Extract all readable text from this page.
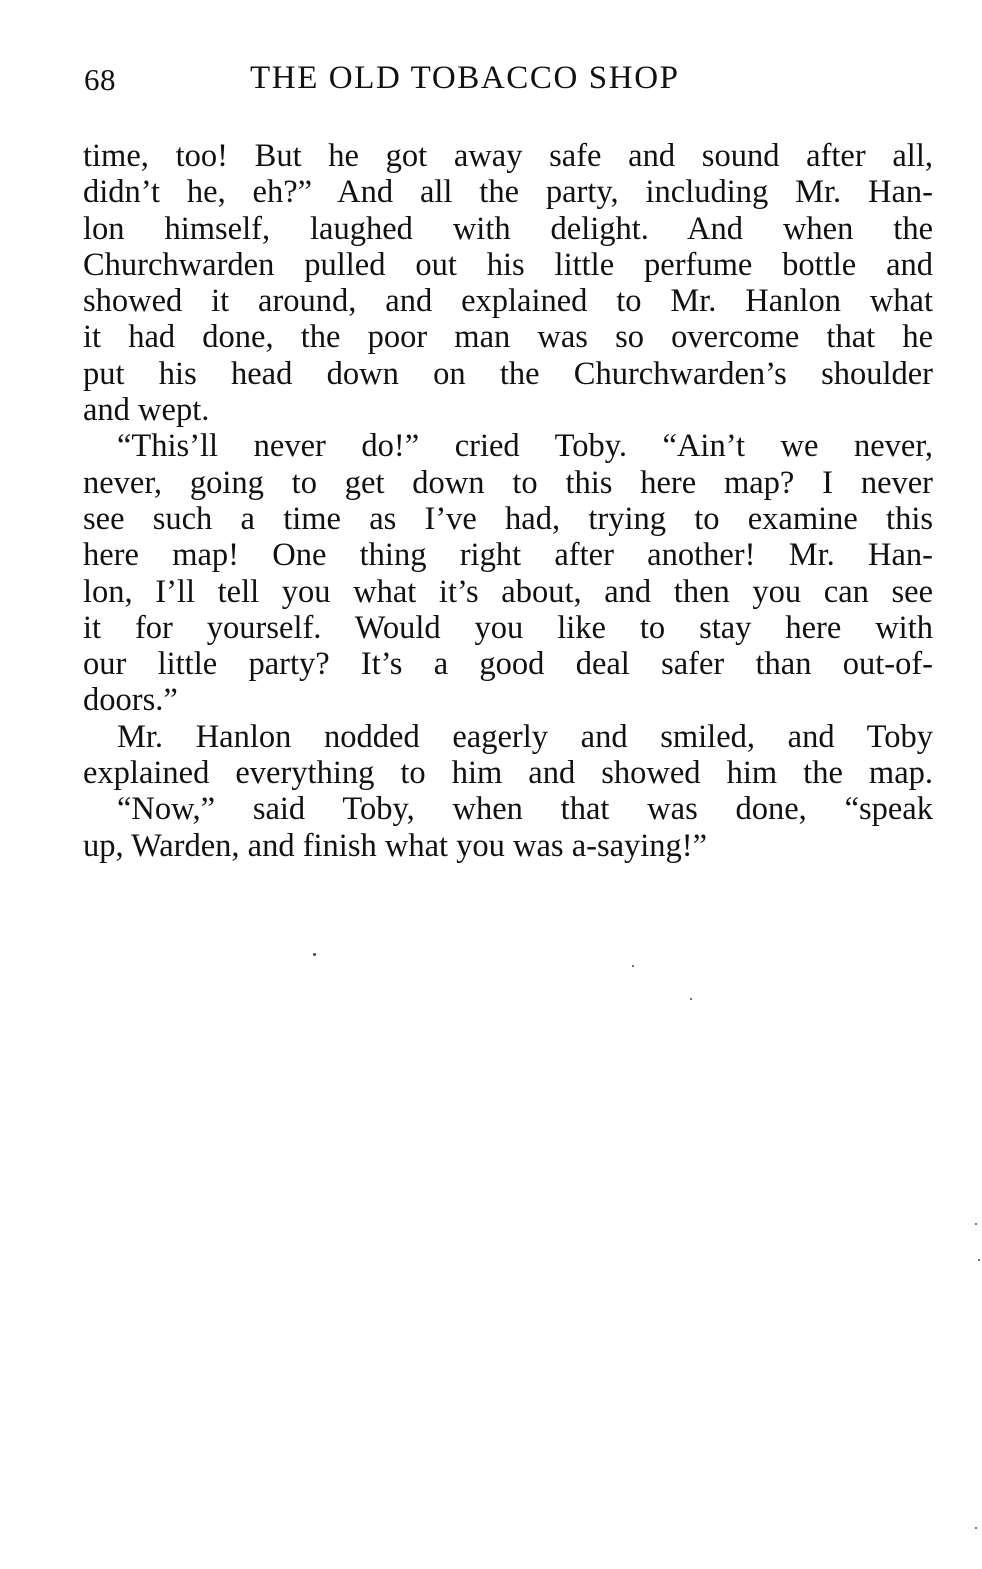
68	THE OLD TOBACCO SHOP
time, too! But he got away safe and sound after all,
didn’t he, eh?” And all the party, including Mr. Han-
lon himself, laughed with delight. And when the
Churchwarden pulled out his little perfume bottle and
showed it around, and explained to Mr. Hanlon what
it had done, the poor man was so overcome that he
put his head down on the Churchwarden’s shoulder
and wept.
“This’ll never do!” cried Toby. “Ain’t we never,
never, going to get down to this here map? I never
see such a time as I’ve had, trying to examine this
here map! One thing right after another! Mr. Han-
lon, I’ll tell you what it’s about, and then you can see
it for yourself. Would you like to stay here with
our little party? It’s a good deal safer than out-of-
doors.”
Mr. Hanlon nodded eagerly and smiled, and Toby
explained everything to him and showed him the map.
“Now,” said Toby, when that was done, “speak
up, Warden, and finish what you was a-saying!”
